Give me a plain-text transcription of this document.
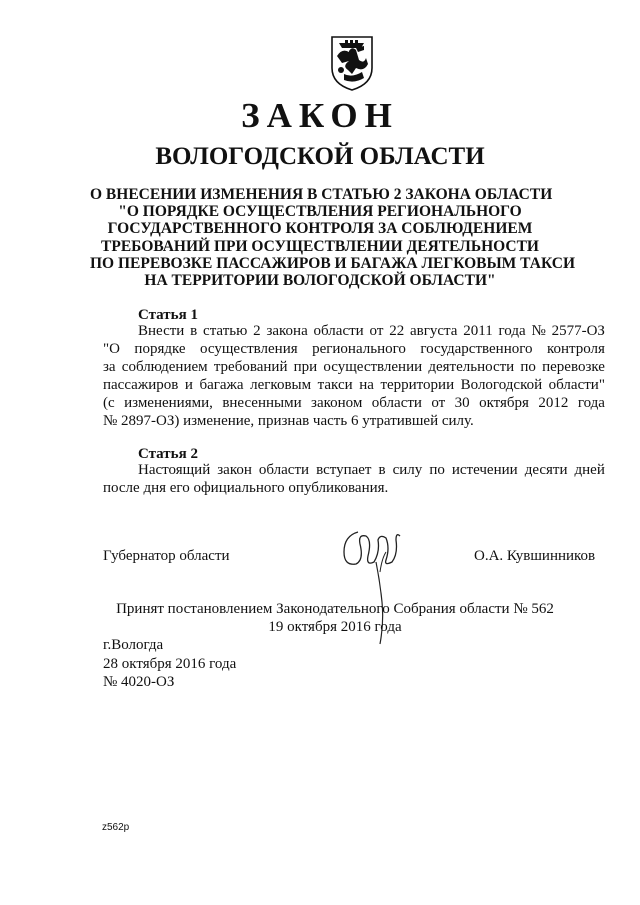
ЗАКОН
ВОЛОГОДСКОЙ ОБЛАСТИ
О ВНЕСЕНИИ ИЗМЕНЕНИЯ В СТАТЬЮ 2 ЗАКОНА ОБЛАСТИ
"О ПОРЯДКЕ ОСУЩЕСТВЛЕНИЯ РЕГИОНАЛЬНОГО
ГОСУДАРСТВЕННОГО КОНТРОЛЯ ЗА СОБЛЮДЕНИЕМ
ТРЕБОВАНИЙ ПРИ ОСУЩЕСТВЛЕНИИ ДЕЯТЕЛЬНОСТИ
ПО ПЕРЕВОЗКЕ ПАССАЖИРОВ И БАГАЖА ЛЕГКОВЫМ ТАКСИ
НА ТЕРРИТОРИИ ВОЛОГОДСКОЙ ОБЛАСТИ"
Статья 1
Внести в статью 2 закона области от 22 августа 2011 года № 2577-ОЗ
"О порядке осуществления регионального государственного контроля
за соблюдением требований при осуществлении деятельности по перевозке
пассажиров и багажа легковым такси на территории Вологодской области"
(с изменениями, внесенными законом области от 30 октября 2012 года
№ 2897-ОЗ) изменение, признав часть 6 утратившей силу.
Статья 2
Настоящий закон области вступает в силу по истечении десяти дней
после дня его официального опубликования.
Губернатор области	О.А. Кувшинников
Принят постановлением Законодательного Собрания области № 562
19 октября 2016 года
г.Вологда
28 октября 2016 года
№ 4020-ОЗ
z562р
